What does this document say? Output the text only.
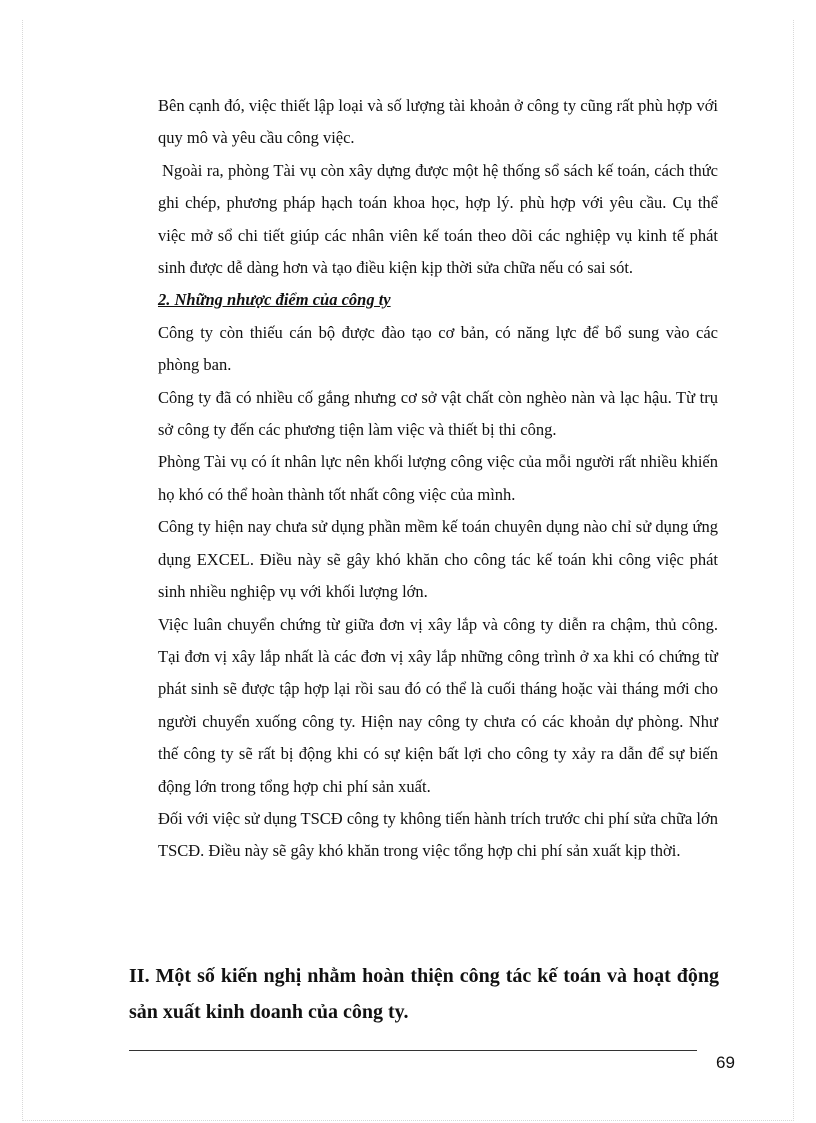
Bên cạnh đó, việc thiết lập loại và số lượng tài khoản ở công ty cũng rất phù hợp với quy mô và yêu cầu công việc.

Ngoài ra, phòng Tài vụ còn xây dựng được một hệ thống sổ sách kế toán, cách thức ghi chép, phương pháp hạch toán khoa học, hợp lý. phù hợp với yêu cầu. Cụ thể việc mở sổ chi tiết giúp các nhân viên kế toán theo dõi các nghiệp vụ kinh tế phát sinh được dễ dàng hơn và tạo điều kiện kịp thời sửa chữa nếu có sai sót.

2. Những nhược điểm của công ty

Công ty còn thiếu cán bộ được đào tạo cơ bản, có năng lực để bổ sung vào các phòng ban.

Công ty đã có nhiều cố gắng nhưng cơ sở vật chất còn nghèo nàn và lạc hậu. Từ trụ sở công ty đến các phương tiện làm việc và thiết bị thi công.

Phòng Tài vụ có ít nhân lực nên khối lượng công việc của mỗi người rất nhiều khiến họ khó có thể hoàn thành tốt nhất công việc của mình.

Công ty hiện nay chưa sử dụng phần mềm kế toán chuyên dụng nào chỉ sử dụng ứng dụng EXCEL. Điều này sẽ gây khó khăn cho công tác kế toán khi công việc phát sinh nhiều nghiệp vụ với khối lượng lớn.

Việc luân chuyển chứng từ giữa đơn vị xây lắp và công ty diễn ra chậm, thủ công. Tại đơn vị xây lắp nhất là các đơn vị xây lắp những công trình ở xa khi có chứng từ phát sinh sẽ được tập hợp lại rồi sau đó có thể là cuối tháng hoặc vài tháng mới cho người chuyển xuống công ty. Hiện nay công ty chưa có các khoản dự phòng. Như thế công ty sẽ rất bị động khi có sự kiện bất lợi cho công ty xảy ra dẫn để sự biến động lớn trong tổng hợp chi phí sản xuất.

Đối với việc sử dụng TSCĐ công ty không tiến hành trích trước chi phí sửa chữa lớn TSCĐ. Điều này sẽ gây khó khăn trong việc tổng hợp chi phí sản xuất kịp thời.

II. Một số kiến nghị nhằm hoàn thiện công tác kế toán và hoạt động sản xuất kinh doanh của công ty.

69
